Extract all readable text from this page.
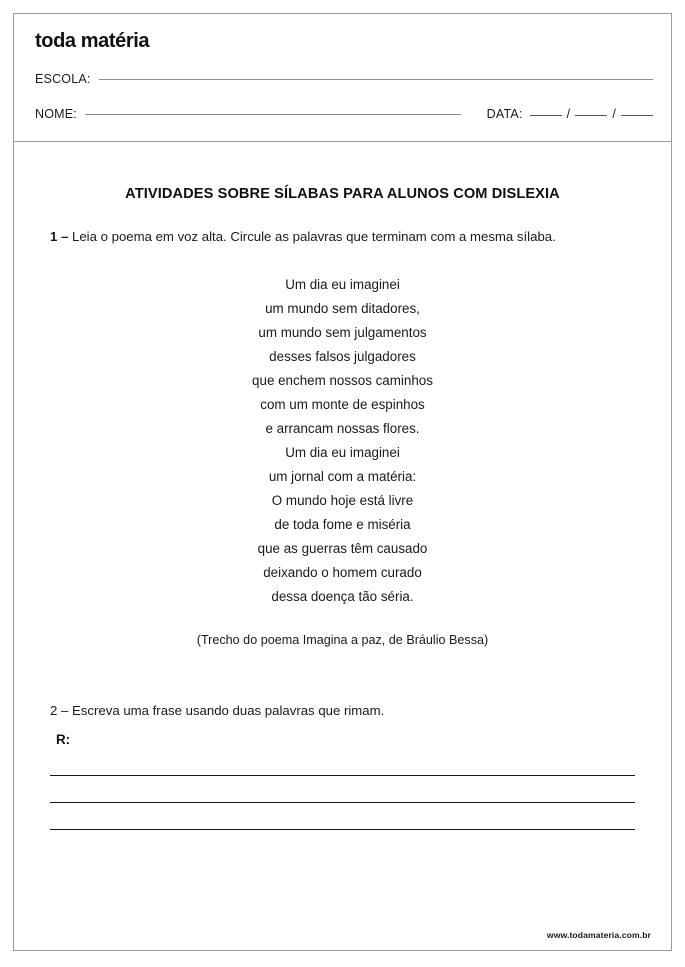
toda matéria
ESCOLA:
NOME:	DATA:	/	/
ATIVIDADES SOBRE SÍLABAS PARA ALUNOS COM DISLEXIA
1 – Leia o poema em voz alta. Circule as palavras que terminam com a mesma sílaba.
Um dia eu imaginei
um mundo sem ditadores,
um mundo sem julgamentos
desses falsos julgadores
que enchem nossos caminhos
com um monte de espinhos
e arrancam nossas flores.
Um dia eu imaginei
um jornal com a matéria:
O mundo hoje está livre
de toda fome e miséria
que as guerras têm causado
deixando o homem curado
dessa doença tão séria.
(Trecho do poema Imagina a paz, de Bráulio Bessa)
2 – Escreva uma frase usando duas palavras que rimam.
R:
www.todamateria.com.br
